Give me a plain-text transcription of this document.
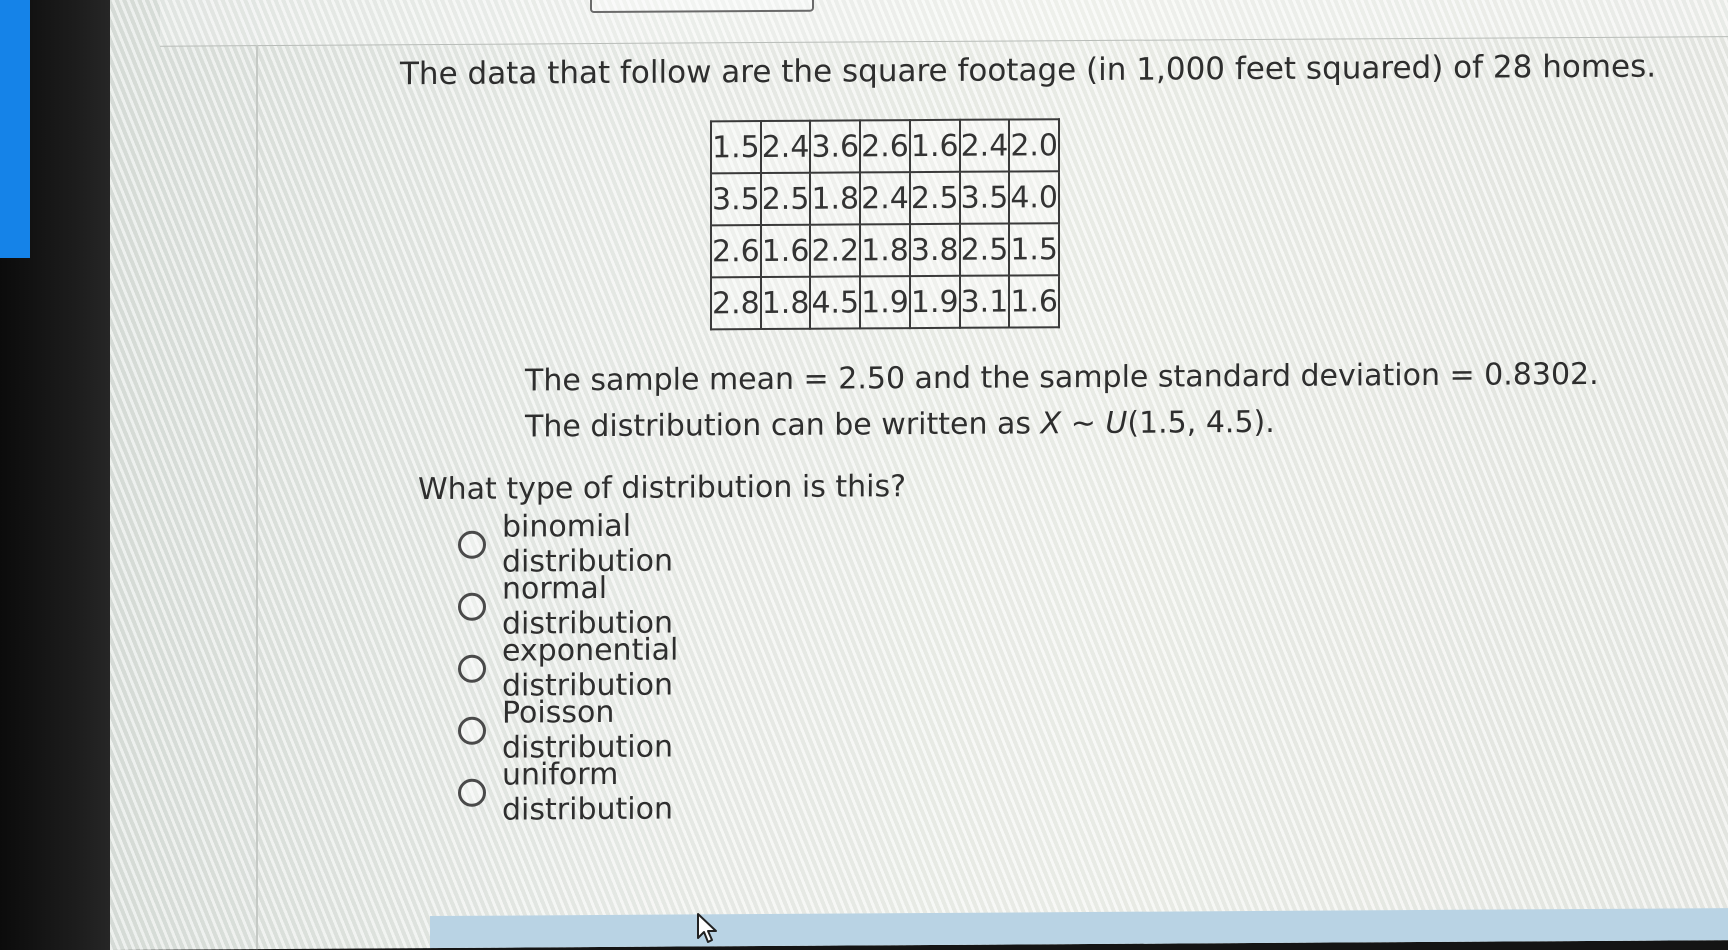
The data that follow are the square footage (in 1,000 feet squared) of 28 homes.
1.5	2.4	3.6	2.6	1.6	2.4	2.0
3.5	2.5	1.8	2.4	2.5	3.5	4.0
2.6	1.6	2.2	1.8	3.8	2.5	1.5
2.8	1.8	4.5	1.9	1.9	3.1	1.6
The sample mean = 2.50 and the sample standard deviation = 0.8302.
The distribution can be written as X ~ U(1.5, 4.5).
What type of distribution is this?
binomial distribution
normal distribution
exponential distribution
Poisson distribution
uniform distribution
